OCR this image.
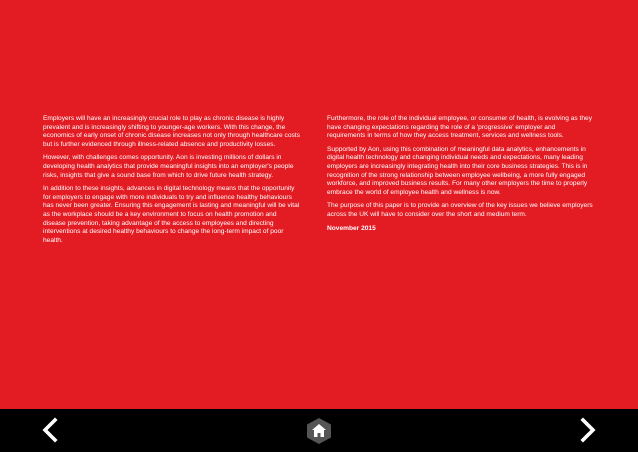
Employers will have an increasingly crucial role to play as chronic disease is highly prevalent and is increasingly shifting to younger-age workers. With this change, the economics of early onset of chronic disease increases not only through healthcare costs but is further evidenced through illness-related absence and productivity losses.

However, with challenges comes opportunity. Aon is investing millions of dollars in developing health analytics that provide meaningful insights into an employer's people risks, insights that give a sound base from which to drive future health strategy.

In addition to these insights, advances in digital technology means that the opportunity for employers to engage with more individuals to try and influence healthy behaviours has never been greater. Ensuring this engagement is lasting and meaningful will be vital as the workplace should be a key environment to focus on health promotion and disease prevention, taking advantage of the access to employees and directing interventions at desired healthy behaviours to change the long-term impact of poor health.

Furthermore, the role of the individual employee, or consumer of health, is evolving as they have changing expectations regarding the role of a 'progressive' employer and requirements in terms of how they access treatment, services and wellness tools.

Supported by Aon, using this combination of meaningful data analytics, enhancements in digital health technology and changing individual needs and expectations, many leading employers are increasingly integrating health into their core business strategies. This is in recognition of the strong relationship between employee wellbeing, a more fully engaged workforce, and improved business results. For many other employers the time to properly embrace the world of employee health and wellness is now.

The purpose of this paper is to provide an overview of the key issues we believe employers across the UK will have to consider over the short and medium term.

November 2015
